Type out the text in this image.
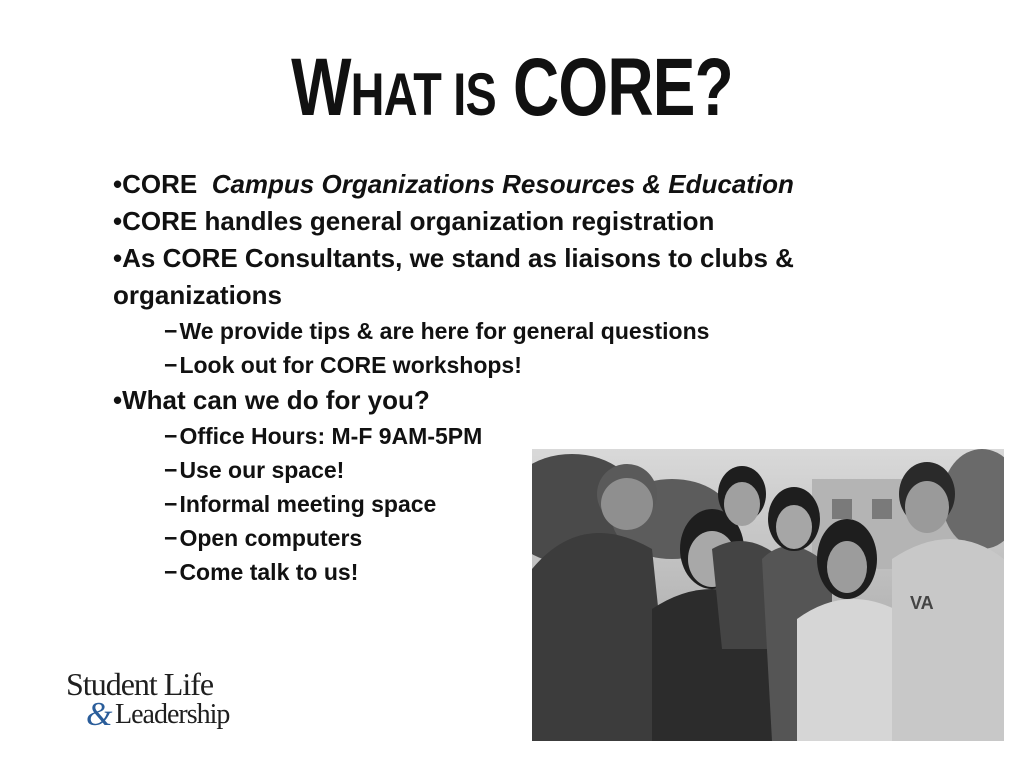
WHAT IS CORE?
•CORE Campus Organizations Resources & Education
•CORE handles general organization registration
•As CORE Consultants, we stand as liaisons to clubs & organizations
−We provide tips & are here for general questions
−Look out for CORE workshops!
•What can we do for you?
−Office Hours: M-F 9AM-5PM
−Use our space!
−Informal meeting space
−Open computers
−Come talk to us!
VA
Student Life
& Leadership
